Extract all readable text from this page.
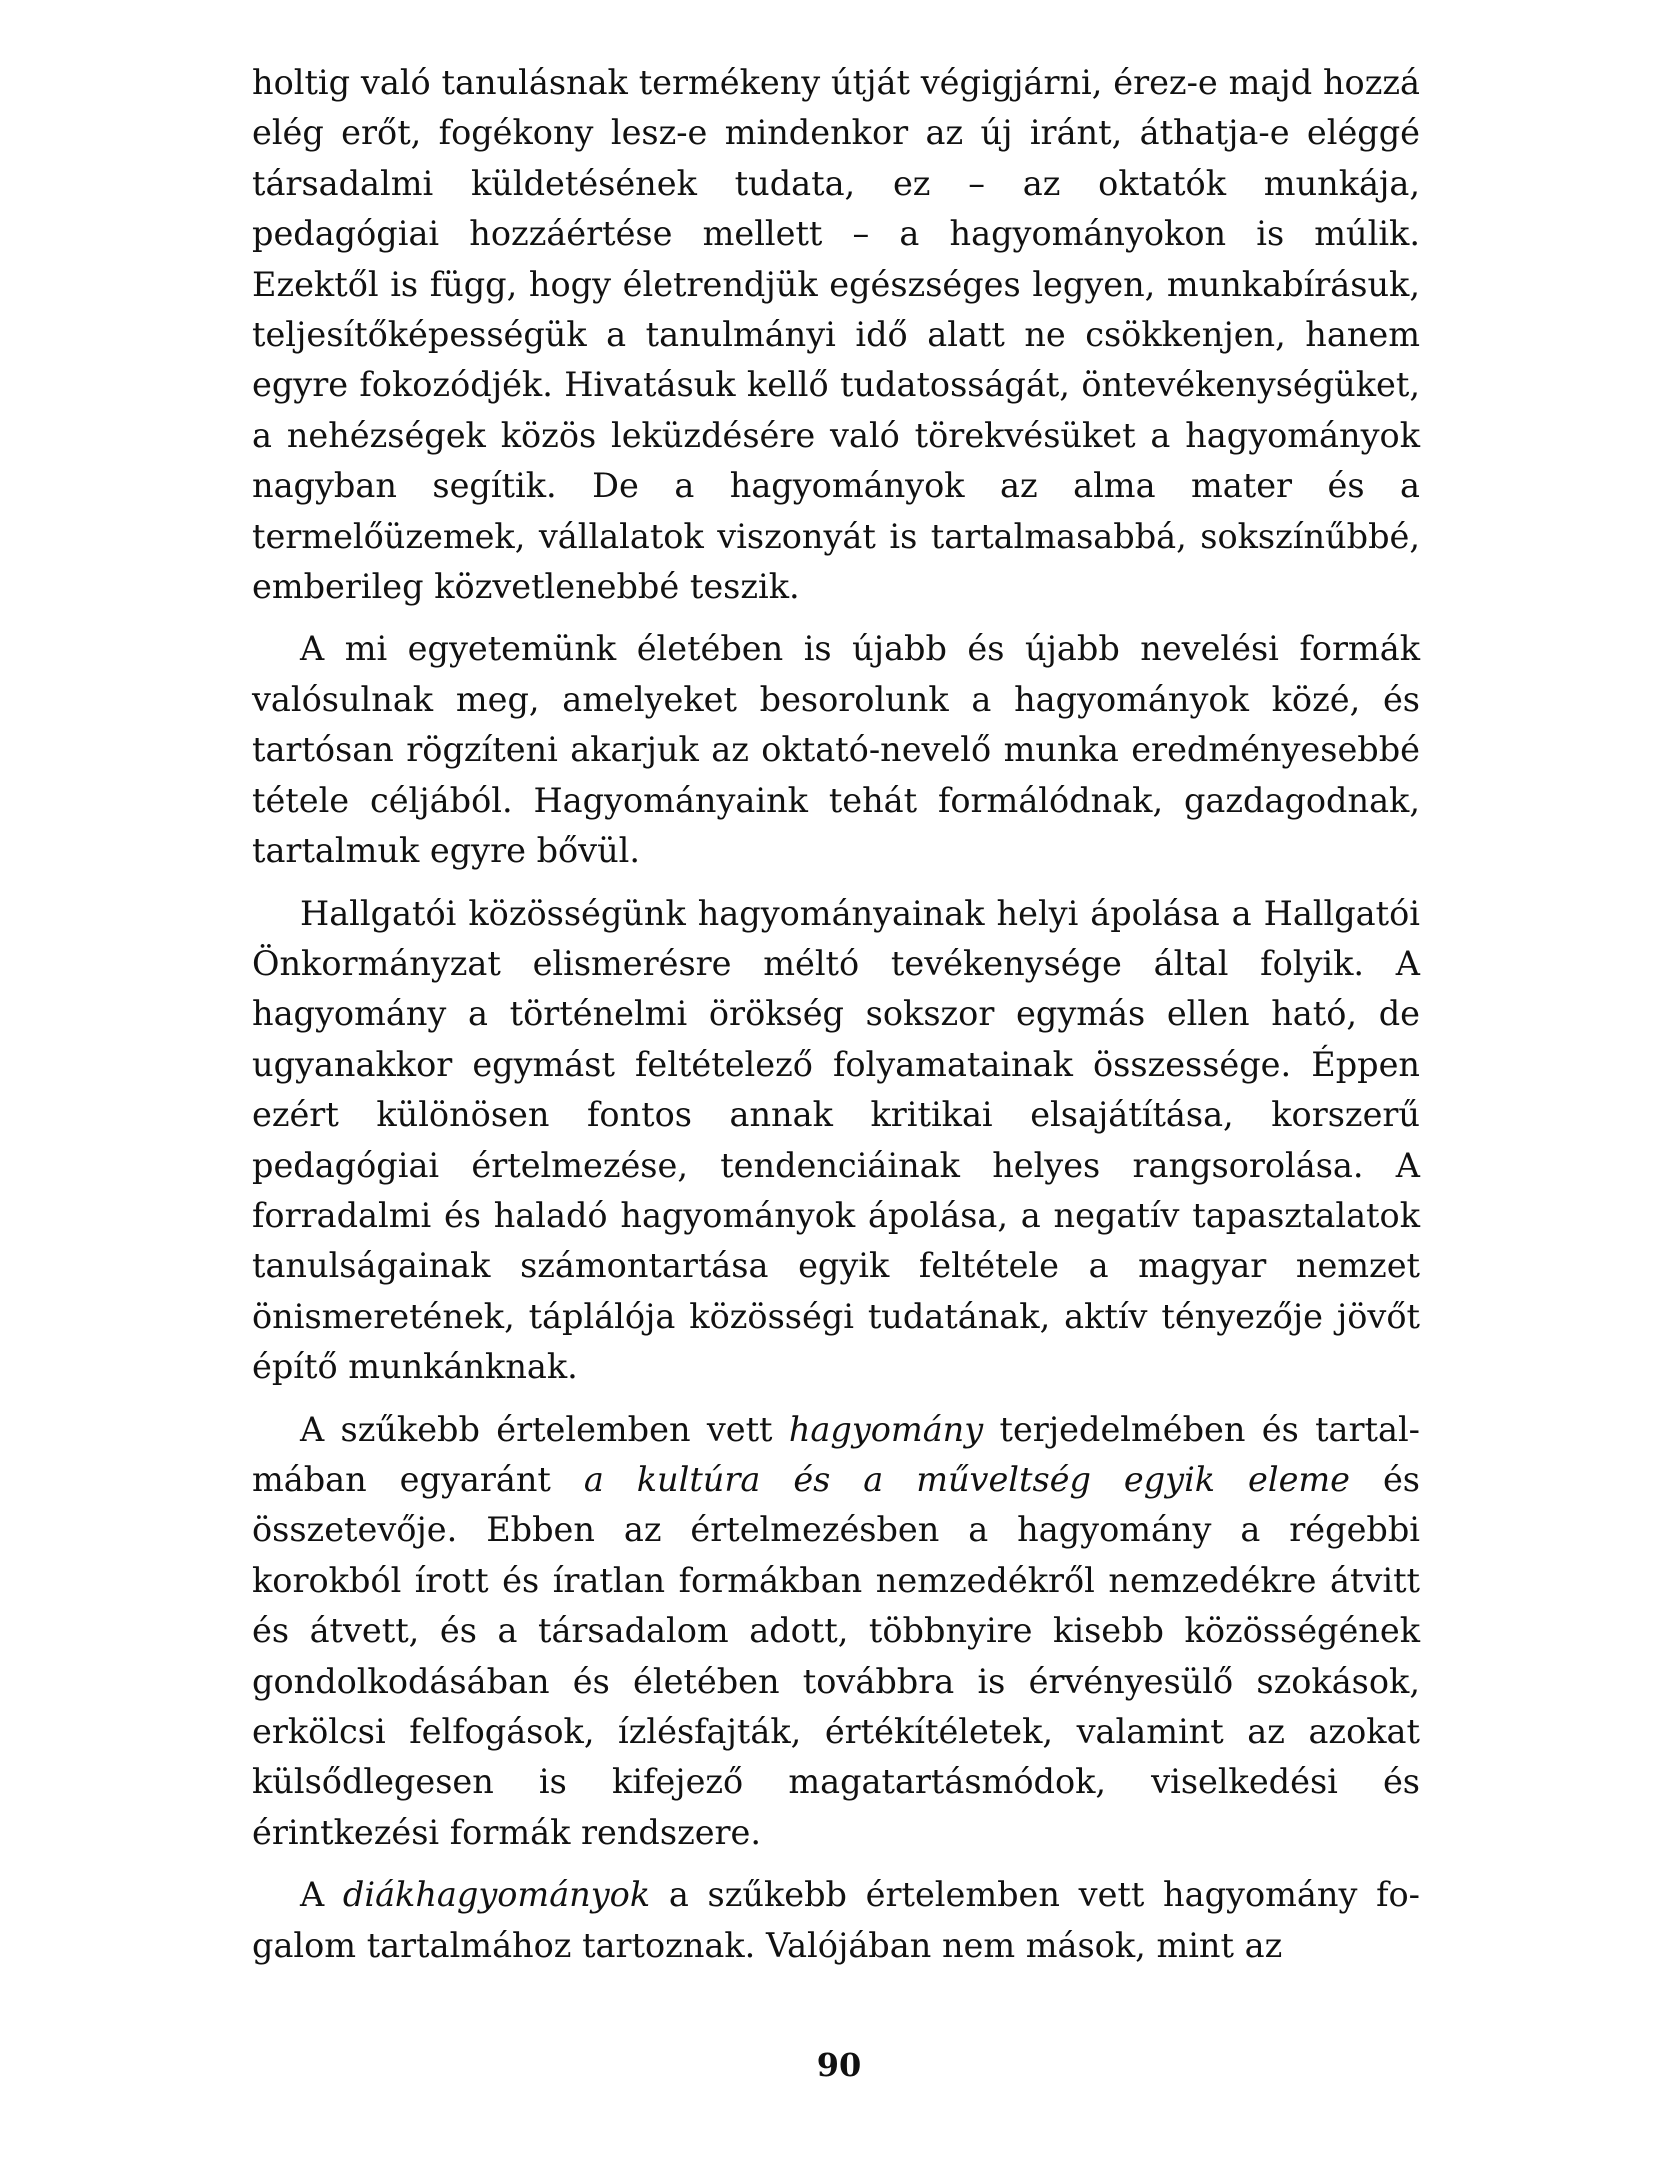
holtig való tanulásnak termékeny útját végigjárni, érez-e majd hozzá elég erőt, fogékony lesz-e mindenkor az új iránt, áthatja-e eléggé társadalmi küldetésének tudata, ez – az oktatók munkája, pedagógiai hozzáértése mellett – a hagyományokon is múlik. Ezektől is függ, hogy életrendjük egészséges legyen, munkabírásuk, teljesítőképességük a tanulmányi idő alatt ne csökkenjen, hanem egyre fokozódjék. Hivatásuk kellő tudatosságát, öntevékenységüket, a nehézségek közös leküzdésére való törekvésüket a hagyományok nagyban segítik. De a hagyományok az alma mater és a termelőüzemek, vállalatok viszonyát is tartalmasabbá, sokszínűbbé, emberileg közvetlenebbé teszik.

A mi egyetemünk életében is újabb és újabb nevelési formák valósulnak meg, amelyeket besorolunk a hagyományok közé, és tartósan rögzíteni akarjuk az oktató-nevelő munka eredményesebbé tétele céljából. Hagyományaink tehát formálódnak, gazdagodnak, tartalmuk egyre bővül.

Hallgatói közösségünk hagyományainak helyi ápolása a Hallgatói Önkormányzat elismerésre méltó tevékenysége által folyik. A hagyomány a történelmi örökség sokszor egymás ellen ható, de ugyanakkor egymást feltételező folyamatainak összessége. Éppen ezért különösen fontos annak kritikai elsajátítása, korszerű pedagógiai értelmezése, tendenciáinak helyes rangsorolása. A forradalmi és haladó hagyományok ápolása, a negatív tapasztalatok tanulságainak számontartása egyik feltétele a magyar nemzet önismeretének, táplálója közösségi tudatának, aktív tényezője jövőt építő munkánknak.

A szűkebb értelemben vett hagyomány terjedelmében és tartalmában egyaránt a kultúra és a műveltség egyik eleme és összetevője. Ebben az értelmezésben a hagyomány a régebbi korokból írott és íratlan formákban nemzedékről nemzedékre átvitt és átvett, és a társadalom adott, többnyire kisebb közösségének gondolkodásában és életében továbbra is érvényesülő szokások, erkölcsi felfogások, ízlésfajták, értékítéletek, valamint az azokat külsődlegesen is kifejező magatartásmódok, viselkedési és érintkezési formák rendszere.

A diákhagyományok a szűkebb értelemben vett hagyomány fogalom tartalmához tartoznak. Valójában nem mások, mint az

90
